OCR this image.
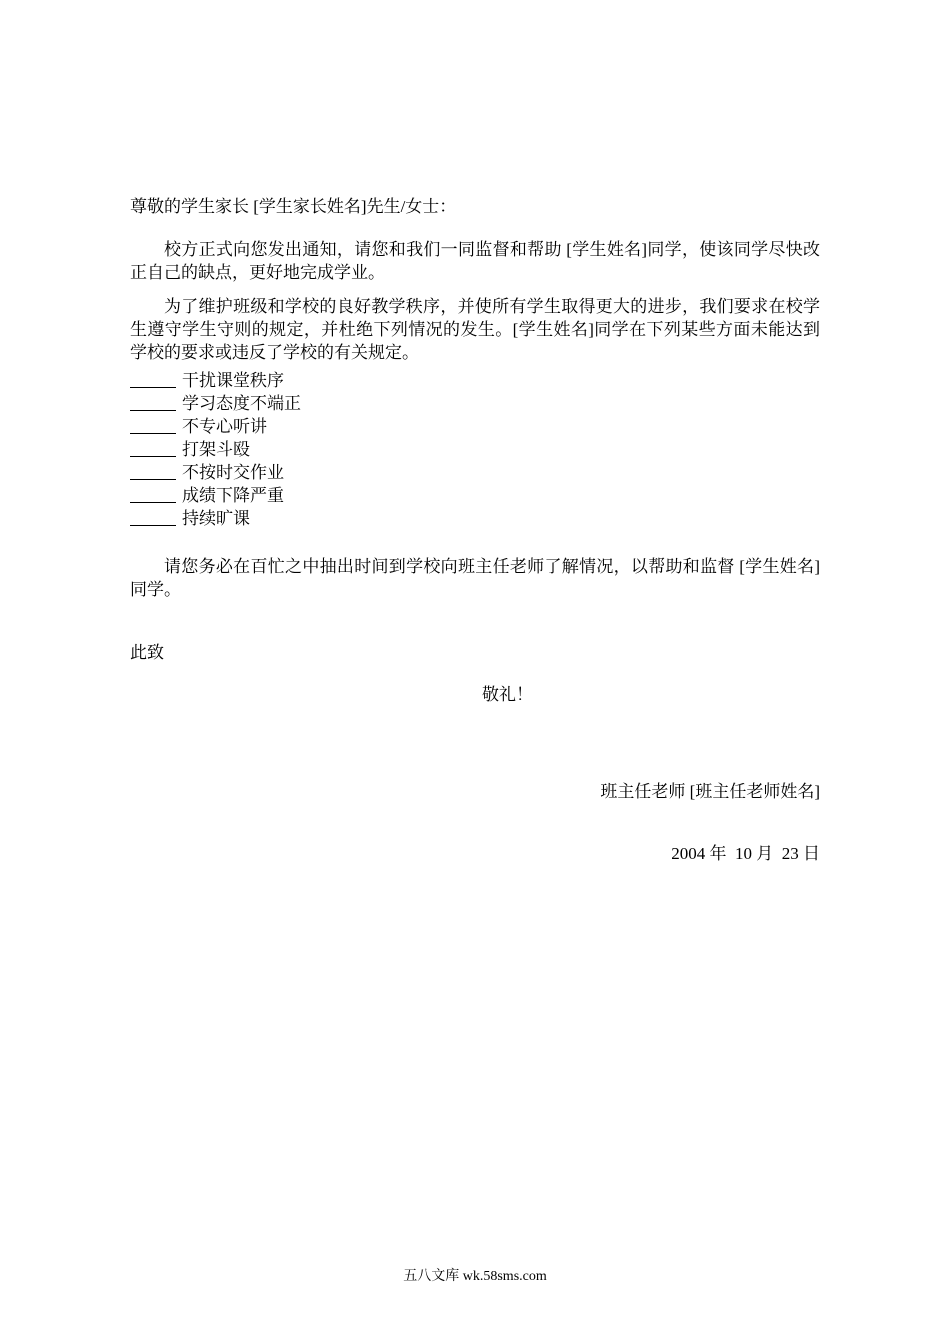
尊敬的学生家长 [学生家长姓名]先生/女士：
校方正式向您发出通知，请您和我们一同监督和帮助 [学生姓名]同学，使该同学尽快改正自己的缺点，更好地完成学业。
为了维护班级和学校的良好教学秩序，并使所有学生取得更大的进步，我们要求在校学生遵守学生守则的规定，并杜绝下列情况的发生。[学生姓名]同学在下列某些方面未能达到学校的要求或违反了学校的有关规定。
干扰课堂秩序
学习态度不端正
不专心听讲
打架斗殴
不按时交作业
成绩下降严重
持续旷课
请您务必在百忙之中抽出时间到学校向班主任老师了解情况，以帮助和监督 [学生姓名]同学。
此致
敬礼！
班主任老师 [班主任老师姓名]
2004 年  10 月  23 日
五八文库 wk.58sms.com
